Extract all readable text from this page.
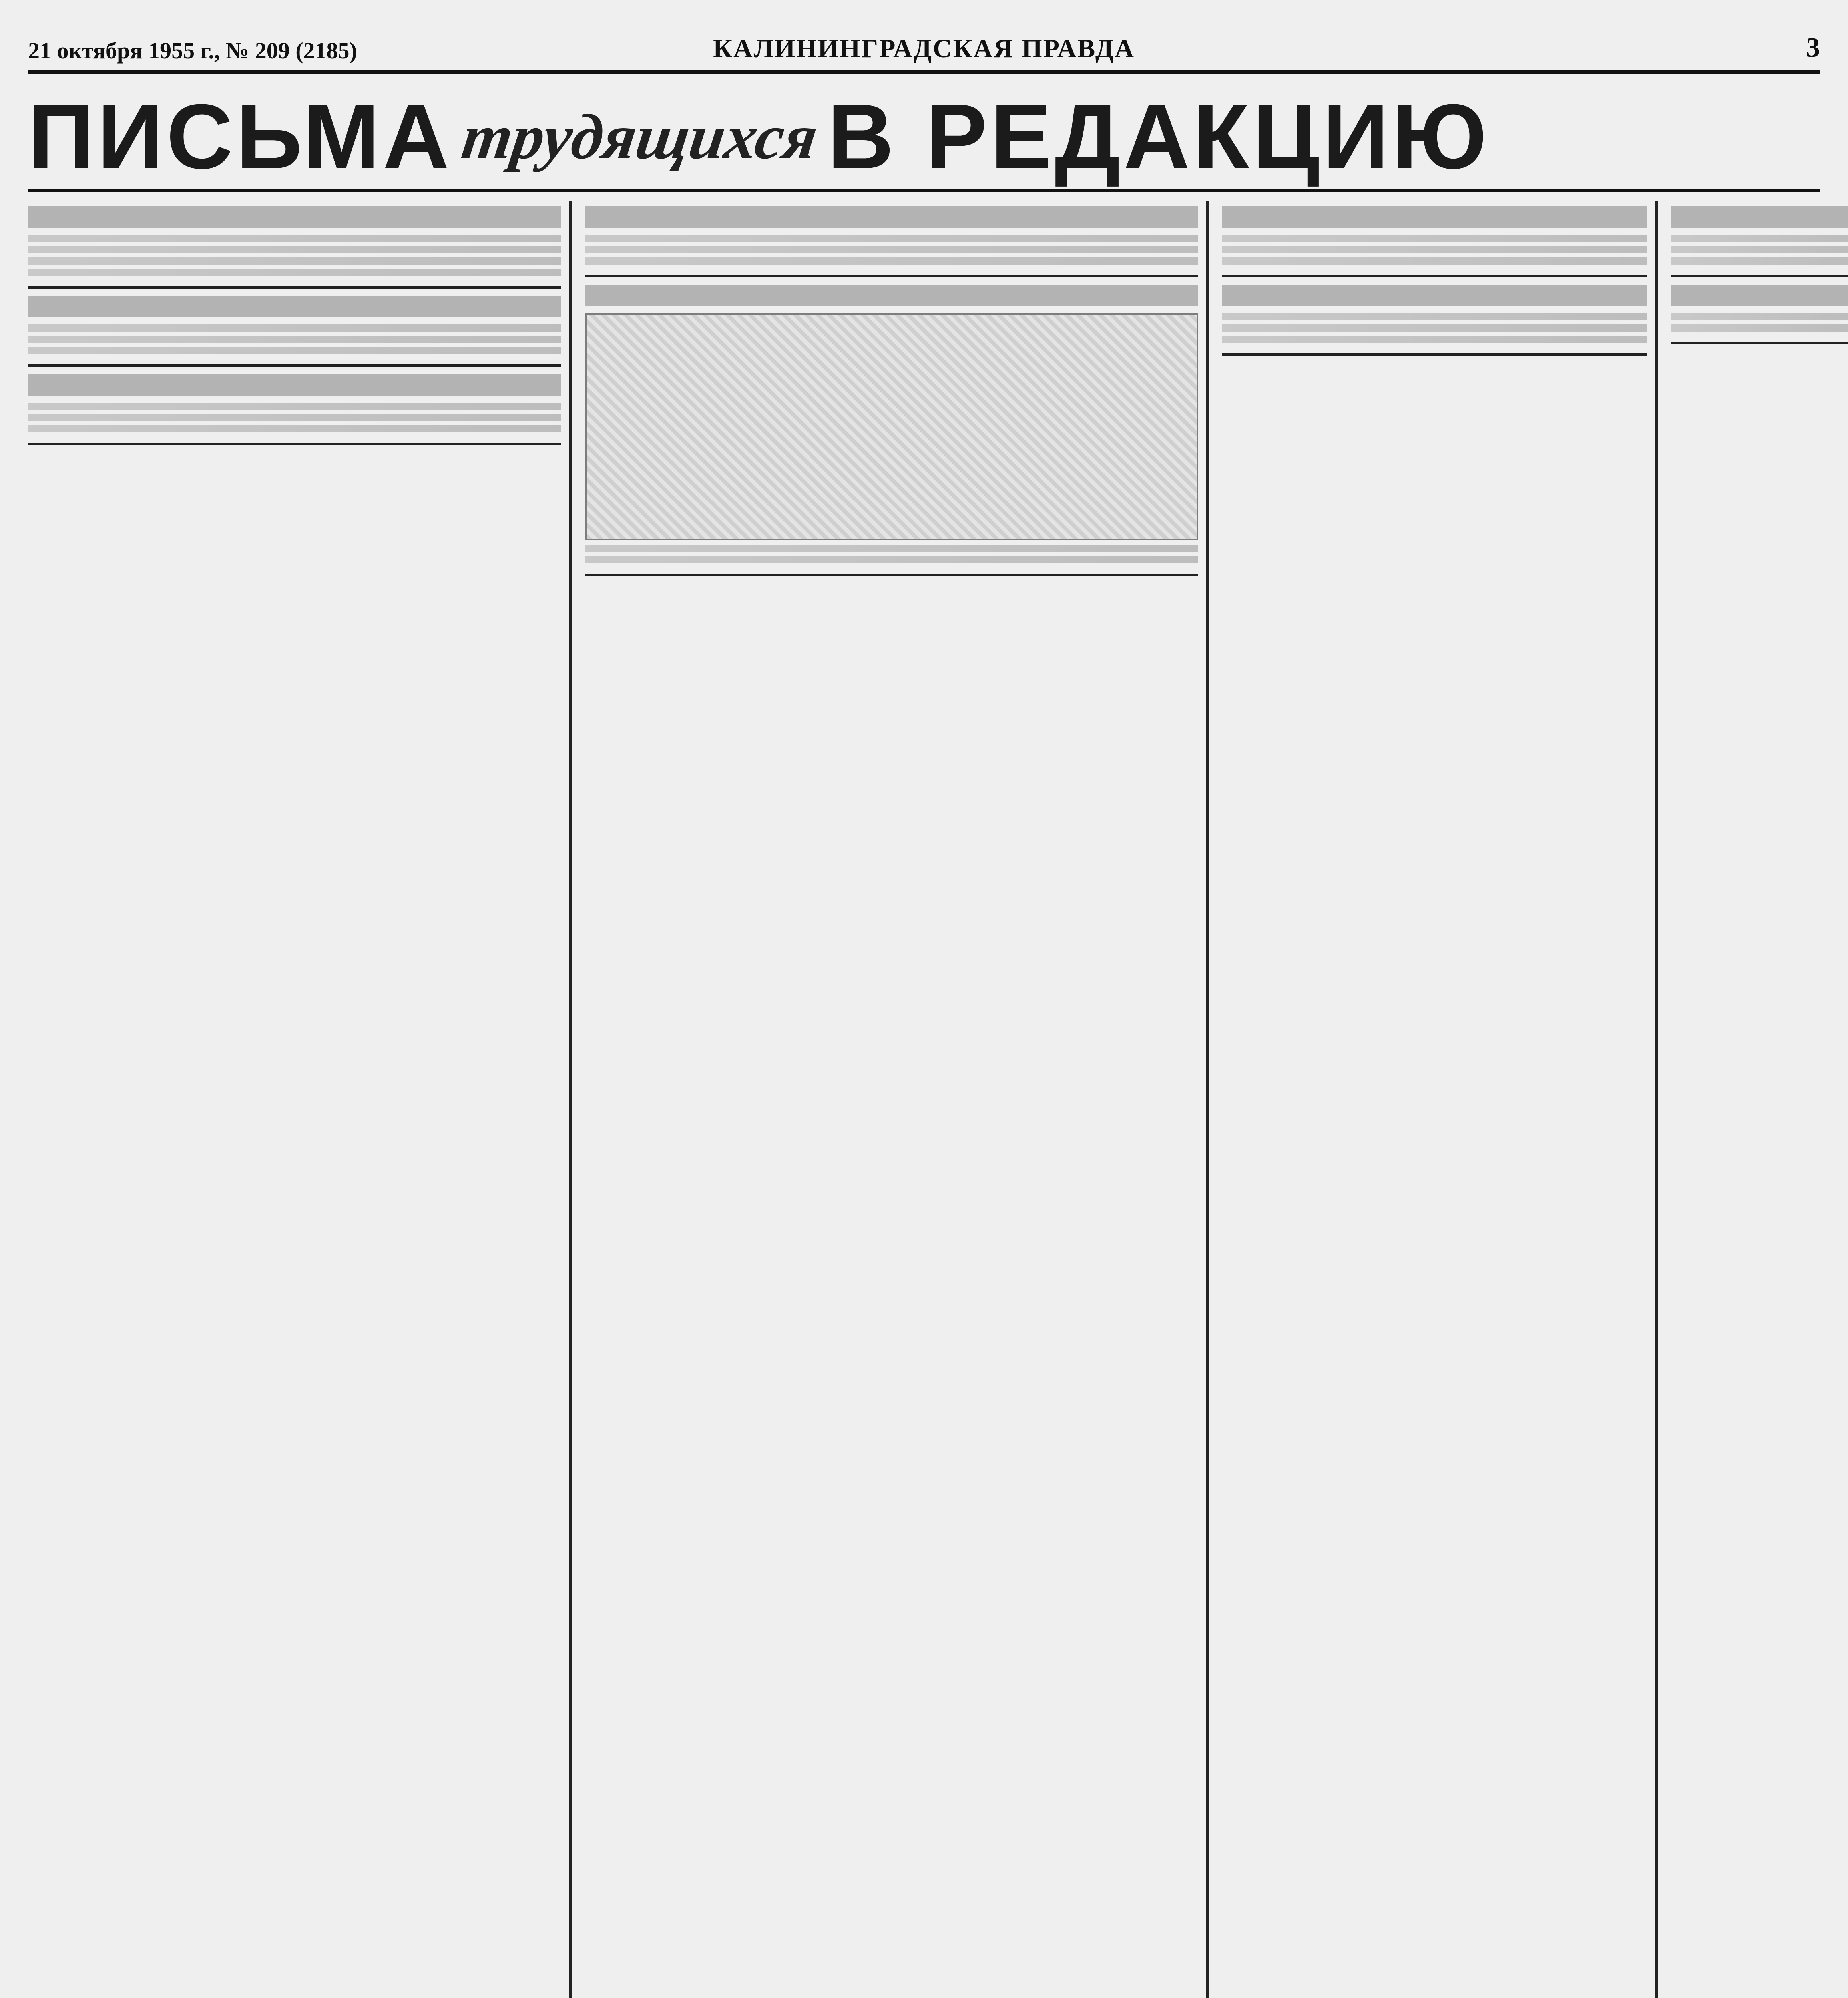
21 октября 1955 г., № 209 (2185)	КАЛИНИНГРАДСКАЯ ПРАВДА	3
ПИСЬМА трудящихся В РЕДАКЦИЮ
